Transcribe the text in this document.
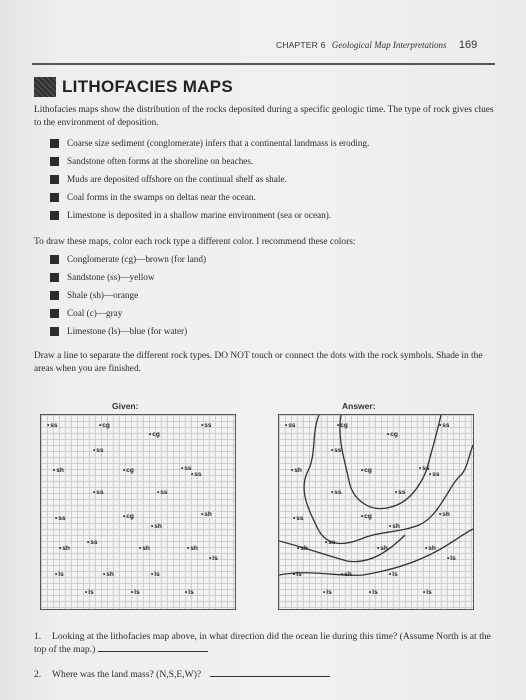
CHAPTER 6 Geological Map Interpretations 169
LITHOFACIES MAPS
Lithofacies maps show the distribution of the rocks deposited during a specific geologic time. The type of rock gives clues to the environment of deposition.
Coarse size sediment (conglomerate) infers that a continental landmass is eroding.
Sandstone often forms at the shoreline on beaches.
Muds are deposited offshore on the continual shelf as shale.
Coal forms in the swamps on deltas near the ocean.
Limestone is deposited in a shallow marine environment (sea or ocean).
To draw these maps, color each rock type a different color. I recommend these colors:
Conglomerate (cg)—brown (for land)
Sandstone (ss)—yellow
Shale (sh)—orange
Coal (c)—gray
Limestone (ls)—blue (for water)
Draw a line to separate the different rock types. DO NOT touch or connect the dots with the rock symbols. Shade in the areas when you are finished.
Given:	Answer:
• ss	• cg	• ss
• cg
• ss
• ss
• sh	• cg
• ss
• ss	• ss
• sh
• cg
• ss
• sh
• ss
• sh	• sh	• sh
• ls
• ls	• sh	• ls
• ls	• ls	• ls
• ss	• cg	• ss
• cg
• ss
• ss
• sh	• cg
• ss
• ss	• ss
• sh
• cg
• ss
• sh
• ss
• sh	• sh	• sh
• ls
• ls	• sh	• ls
• ls	• ls	• ls
1. Looking at the lithofacies map above, in what direction did the ocean lie during this time? (Assume North is at the top of the map.)
2. Where was the land mass? (N,S,E,W)?
